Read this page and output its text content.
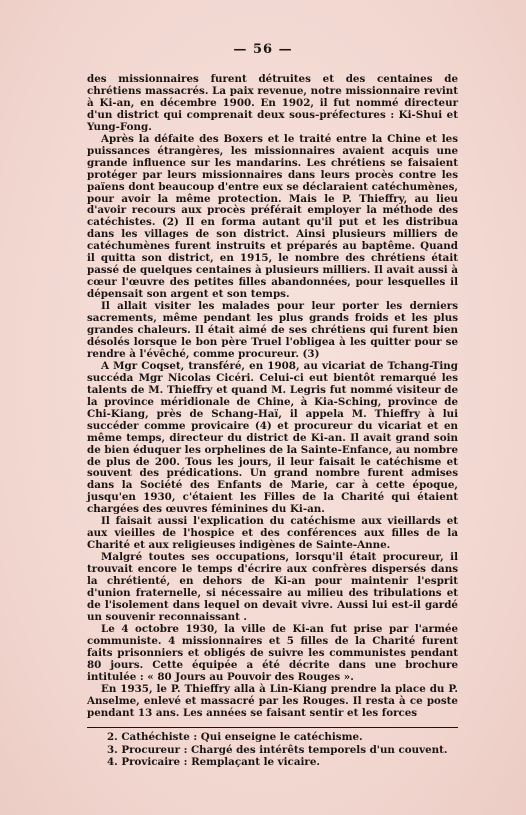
— 56 —

des missionnaires furent détruites et des centaines de chrétiens massacrés. La paix revenue, notre missionnaire revint à Ki-an, en décembre 1900. En 1902, il fut nommé directeur d'un district qui comprenait deux sous-préfectures : Ki-Shui et Yung-Fong.

Après la défaite des Boxers et le traité entre la Chine et les puissances étrangères, les missionnaires avaient acquis une grande influence sur les mandarins. Les chrétiens se faisaient protéger par leurs missionnaires dans leurs procès contre les païens dont beaucoup d'entre eux se déclaraient catéchumènes, pour avoir la même protection. Mais le P. Thieffry, au lieu d'avoir recours aux procès préférait employer la méthode des catéchistes. (2) Il en forma autant qu'il put et les distribua dans les villages de son district. Ainsi plusieurs milliers de catéchumènes furent instruits et préparés au baptême. Quand il quitta son district, en 1915, le nombre des chrétiens était passé de quelques centaines à plusieurs milliers. Il avait aussi à cœur l'œuvre des petites filles abandonnées, pour lesquelles il dépensait son argent et son temps.

Il allait visiter les malades pour leur porter les derniers sacrements, même pendant les plus grands froids et les plus grandes chaleurs. Il était aimé de ses chrétiens qui furent bien désolés lorsque le bon père Truel l'obligea à les quitter pour se rendre à l'évêché, comme procureur. (3)

A Mgr Coqset, transféré, en 1908, au vicariat de Tchang-Ting succéda Mgr Nicolas Cicéri. Celui-ci eut bientôt remarqué les talents de M. Thieffry et quand M. Legris fut nommé visiteur de la province méridionale de Chine, à Kia-Sching, province de Chi-Kiang, près de Schang-Haï, il appela M. Thieffry à lui succéder comme provicaire (4) et procureur du vicariat et en même temps, directeur du district de Ki-an. Il avait grand soin de bien éduquer les orphelines de la Sainte-Enfance, au nombre de plus de 200. Tous les jours, il leur faisait le catéchisme et souvent des prédications. Un grand nombre furent admises dans la Société des Enfants de Marie, car à cette époque, jusqu'en 1930, c'étaient les Filles de la Charité qui étaient chargées des œuvres féminines du Ki-an.

Il faisait aussi l'explication du catéchisme aux vieillards et aux vieilles de l'hospice et des conférences aux filles de la Charité et aux religieuses indigènes de Sainte-Anne.

Malgré toutes ses occupations, lorsqu'il était procureur, il trouvait encore le temps d'écrire aux confrères dispersés dans la chrétienté, en dehors de Ki-an pour maintenir l'esprit d'union fraternelle, si nécessaire au milieu des tribulations et de l'isolement dans lequel on devait vivre. Aussi lui est-il gardé un souvenir reconnaissant .

Le 4 octobre 1930, la ville de Ki-an fut prise par l'armée communiste. 4 missionnaires et 5 filles de la Charité furent faits prisonniers et obligés de suivre les communistes pendant 80 jours. Cette équipée a été décrite dans une brochure intitulée : « 80 Jours au Pouvoir des Rouges ».

En 1935, le P. Thieffry alla à Lin-Kiang prendre la place du P. Anselme, enlevé et massacré par les Rouges. Il resta à ce poste pendant 13 ans. Les années se faisant sentir et les forces

2. Cathéchiste : Qui enseigne le catéchisme.

3. Procureur : Chargé des intérêts temporels d'un couvent.

4. Provicaire : Remplaçant le vicaire.
